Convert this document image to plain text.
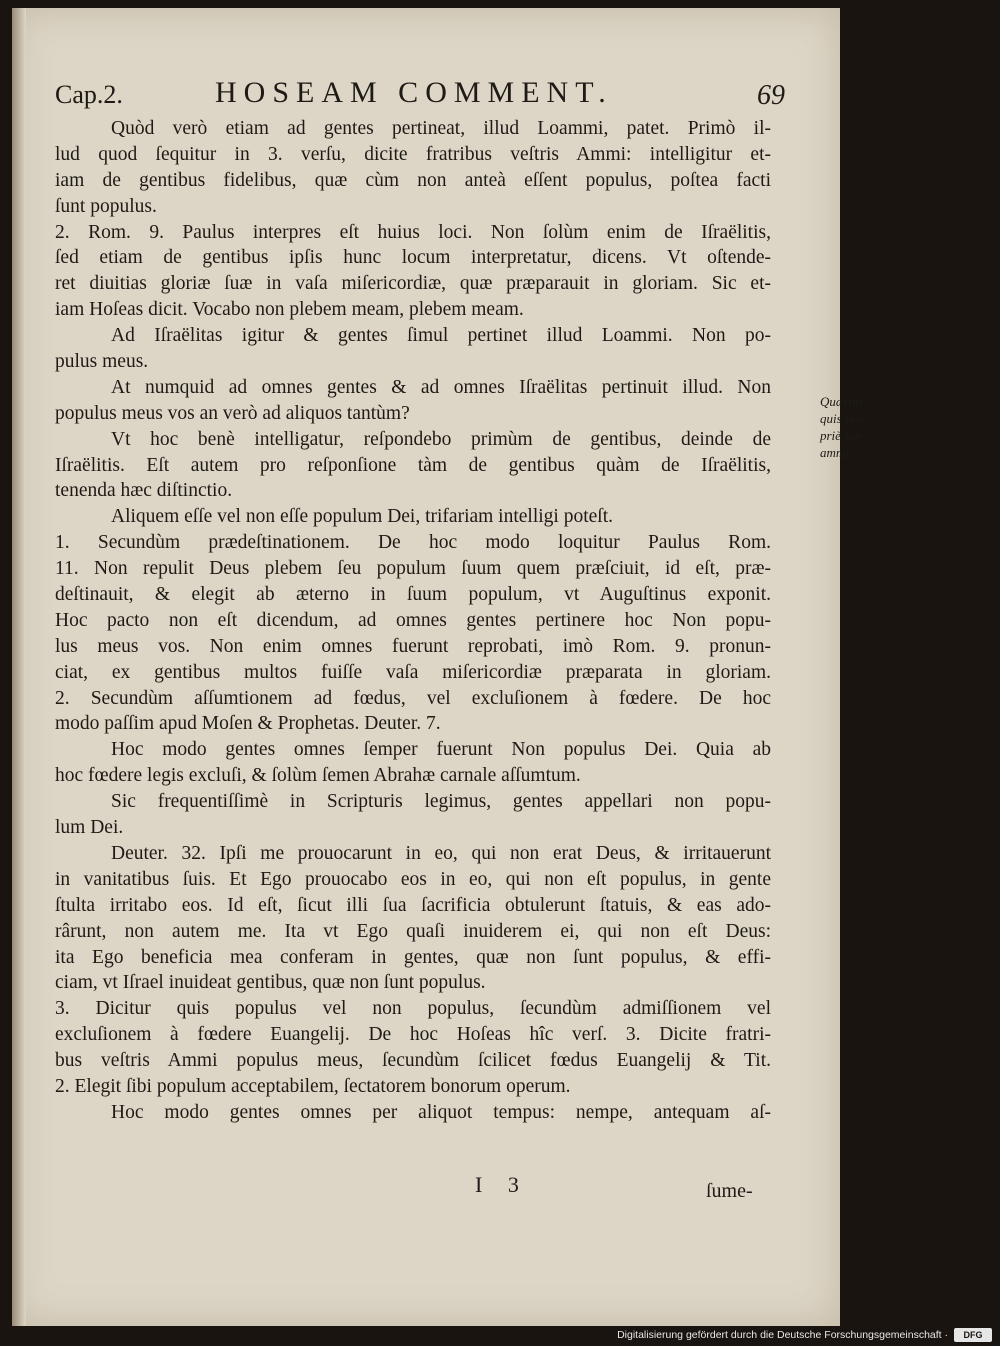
Cap.2.	HOSEAM COMMENT.	69
Quòd verò etiam ad gentes pertineat, illud Loammi, patet. Primò il-
lud quod ſequitur in 3. verſu, dicite fratribus veſtris Ammi: intelligitur et-
iam de gentibus fidelibus, quæ cùm non anteà eſſent populus, poſtea facti
ſunt populus.
2. Rom. 9. Paulus interpres eſt huius loci. Non ſolùm enim de Iſraëlitis,
ſed etiam de gentibus ipſis hunc locum interpretatur, dicens. Vt oſtende-
ret diuitias gloriæ ſuæ in vaſa miſericordiæ, quæ præparauit in gloriam. Sic et-
iam Hoſeas dicit. Vocabo non plebem meam, plebem meam.
Ad Iſraëlitas igitur & gentes ſimul pertinet illud Loammi. Non po-
pulus meus.
At numquid ad omnes gentes & ad omnes Iſraëlitas pertinuit illud. Non
populus meus vos an verò ad aliquos tantùm?
Vt hoc benè intelligatur, reſpondebo primùm de gentibus, deinde de
Iſraëlitis. Eſt autem pro reſponſione tàm de gentibus quàm de Iſraëlitis,
tenenda hæc diſtinctio.
Aliquem eſſe vel non eſſe populum Dei, trifariam intelligi poteſt.
1. Secundùm prædeſtinationem. De hoc modo loquitur Paulus Rom.
11. Non repulit Deus plebem ſeu populum ſuum quem præſciuit, id eſt, præ-
deſtinauit, & elegit ab æterno in ſuum populum, vt Auguſtinus exponit.
Hoc pacto non eſt dicendum, ad omnes gentes pertinere hoc Non popu-
lus meus vos. Non enim omnes fuerunt reprobati, imò Rom. 9. pronun-
ciat, ex gentibus multos fuiſſe vaſa miſericordiæ præparata in gloriam.
2. Secundùm aſſumtionem ad fœdus, vel excluſionem à fœdere. De hoc
modo paſſim apud Moſen & Prophetas. Deuter. 7.
Hoc modo gentes omnes ſemper fuerunt Non populus Dei. Quia ab
hoc fœdere legis excluſi, & ſolùm ſemen Abrahæ carnale aſſumtum.
Sic frequentiſſimè in Scripturis legimus, gentes appellari non popu-
lum Dei.
Deuter. 32. Ipſi me prouocarunt in eo, qui non erat Deus, & irritauerunt
in vanitatibus ſuis. Et Ego prouocabo eos in eo, qui non eſt populus, in gente
ſtulta irritabo eos. Id eſt, ſicut illi ſua ſacrificia obtulerunt ſtatuis, & eas ado-
rârunt, non autem me. Ita vt Ego quaſi inuiderem ei, qui non eſt Deus:
ita Ego beneficia mea conferam in gentes, quæ non ſunt populus, & effi-
ciam, vt Iſrael inuideat gentibus, quæ non ſunt populus.
3. Dicitur quis populus vel non populus, ſecundùm admiſſionem vel
excluſionem à fœdere Euangelij. De hoc Hoſeas hîc verſ. 3. Dicite fratri-
bus veſtris Ammi populus meus, ſecundùm ſcilicet fœdus Euangelij & Tit.
2. Elegit ſibi populum acceptabilem, ſectatorem bonorum operum.
Hoc modo gentes omnes per aliquot tempus: nempe, antequam aſ-
Quæſtio
quis pro-
priè Lo-
ammi.
I 3	ſume-
Digitalisierung gefördert durch die Deutsche Forschungsgemeinschaft ·	DFG
